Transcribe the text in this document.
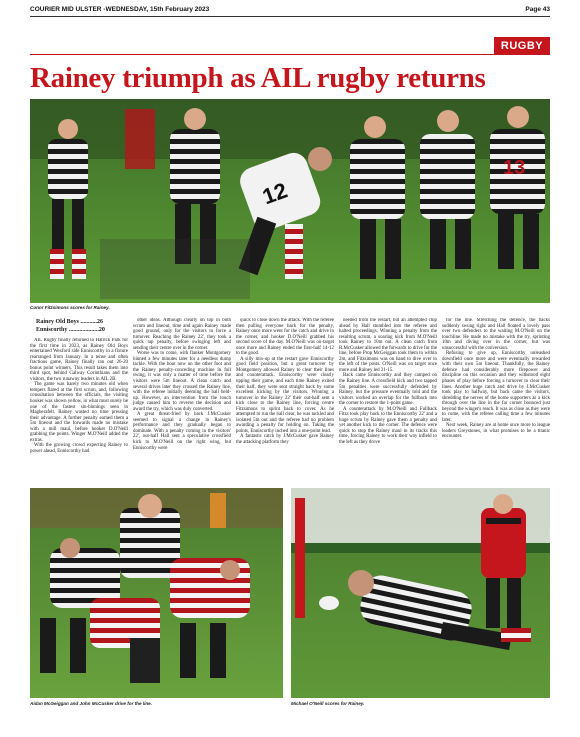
COURIER MID ULSTER -WEDNESDAY, 15th February 2023	Page 43
RUGBY
Rainey triumph as AIL rugby returns
12
13
Conor Fitzsimons scores for Rainey.

Rainey Old Boys ...........26

Enniscorthy ....................20

AIL Rugby finally returned to Hatrick Park for the first time in 2023, as Rainey Old Boys entertained Wexford side Enniscorthy in a fixture rearranged from January. In a tense and often fractious game, Rainey finally ran out 26-20 bonus point winners. This result takes them into third spot, behind Galway Corinthians and the visitors, the two runaway leaders in AIL 2B.

The game was barely two minutes old when tempers flared at the first scrum, and, following consultation between the officials, the visiting hooker was shown yellow, in what must surely be one of the fastest sin-binnings seen in Magherafelt. Rainey wasted no time pressing their advantage. A further penalty earned them a 5m lineout and the forwards made no mistake with a mill maul, before hooker D.O'Neill grabbing the points. Winger M.O'Neill added the extras.

With the growing crowd expecting Rainey to power ahead, Enniscorthy had

other ideas. Although clearly on top in both scrum and lineout, time and again Rainey made good ground, only for the visitors to force a turnover. Reaching the Rainey 22', they took a quick tap penalty, before swinging left and sending their centre over in the corner.

Worse was to come, with flanker Montgomery binned a few minutes later for a needless dump tackle. With the boot now on the other foot and the Rainey penalty-conceding machine in full swing, it was only a matter of time before the visitors were 5m lineout. A clean catch and several drives later they crossed the Rainey line, with the referee initially deeming the ball held-up. However, an intervention from the touch judge caused him to reverse the decision and award the try, which was duly converted.

A great threat-fried by back J.McCusker seemed to signal a change in Rainey's performance and they gradually began to dominate. With a penalty coming in the visitors' 22', out-half Hall sent a speculative crossfield kick to M.O'Neill on the right wing, but Enniscorthy were

quick to close down the attack. With the referee then pulling everyone back for the penalty, Rainey once more went for the catch and drive in the corner, and hooker D.O'Neill grabbed his second score of the day. M.O'Neill was on-target once more and Rainey ended the first-half 14-12 to the good.

A silly mix-up at the restart gave Enniscorthy good field position, but a great turnover by Montgomery allowed Rainey to clear their lines and counterattack. Enniscorthy were clearly upping their game, and each time Rainey exited their half, they were sent straight back by some excellent kicking by the visitors. Winning a turnover in the Rainey 22' their out-half sent a kick close to the Rainey line, forcing centre Fitzsimons to sprint back to cover. As he attempted to run the ball clear, he was tackled and isolated 5m out and the referee had no problem awarding a penalty for holding on. Taking the points, Enniscorthy inched into a one-point lead.

A fantastic catch by J.McCusker gave Rainey the attacking platform they

needed from the restart, but an attempted chip ahead by Hall stumbled into the referee and halted proceedings. Winning a penalty from the resulting scrum, a soaring kick from M.O'Neill took Rainey to 10m out. A clean catch from R.McCusker allowed the forwards to drive for the line, before Prop McGeiggan took them to within 2m, and Fitzsimons was on hand to dive over to the left of the posts. O'Neill was on target once more and Rainey led 21-15.

Back came Enniscorthy and they camped on the Rainey line. A crossfield kick and two tapped 5m penalties were successfully defended by Rainey, but the pressure eventually told and the visitors worked an overlap for the fullback into the corner to restore the 1-point game.

A counterattack by M.O'Neill and Fullback Fitzs took play back to the Enniscorthy 22' and a huge scrum by Rainey gave them a penalty and yet another kick to the corner. The defence were quick to stop the Rainey maul in its tracks this time, forcing Rainey to work their way infield to the left as they drove

for the line. Stretching the defence, the backs suddenly swung right and Hall floated a lovely pass over two defenders to the waiting M.O'Neill on the touchline. He made no mistake with the try, sprinting 10m and diving over in the corner, but was unsuccessful with the conversion.

Refusing to give up, Enniscorthy unleashed downfield once more and were eventually rewarded with their own 5m lineout. Thankfully, the Rainey defence had considerably more firepower and discipline on this occasion and they withstood eight phases of play before forcing a turnover to clear their lines. Another huge catch and drive by J.McCusker took play to halfway, but back came the visitors, shredding the nerves of the home supporters as a kick through over the line in the far corner bounced just beyond the winger's reach. It was as close as they were to come, with the referee calling time a few minutes later.

Next week, Rainey are at home once more to league leaders Greystones, in what promises to be a titanic encounter.

Aidan McGeiggan and John McCusker drive for the line.	Michael O'Neill scores for Rainey.
